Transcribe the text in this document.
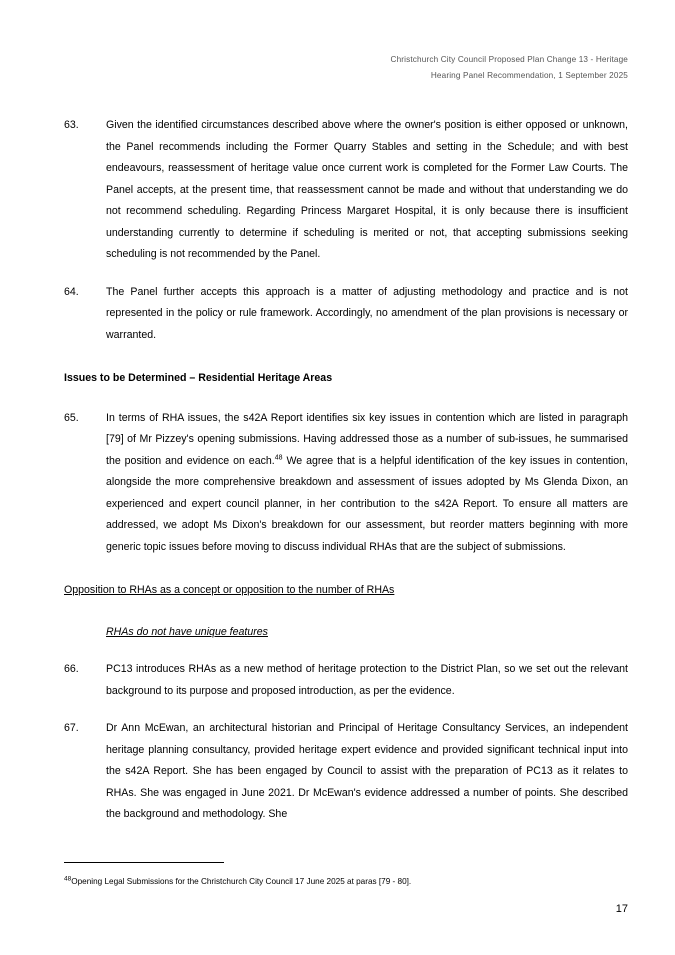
Christchurch City Council Proposed Plan Change 13 - Heritage
Hearing Panel Recommendation, 1 September 2025
63.	Given the identified circumstances described above where the owner's position is either opposed or unknown, the Panel recommends including the Former Quarry Stables and setting in the Schedule; and with best endeavours, reassessment of heritage value once current work is completed for the Former Law Courts. The Panel accepts, at the present time, that reassessment cannot be made and without that understanding we do not recommend scheduling. Regarding Princess Margaret Hospital, it is only because there is insufficient understanding currently to determine if scheduling is merited or not, that accepting submissions seeking scheduling is not recommended by the Panel.
64.	The Panel further accepts this approach is a matter of adjusting methodology and practice and is not represented in the policy or rule framework. Accordingly, no amendment of the plan provisions is necessary or warranted.
Issues to be Determined – Residential Heritage Areas
65.	In terms of RHA issues, the s42A Report identifies six key issues in contention which are listed in paragraph [79] of Mr Pizzey's opening submissions. Having addressed those as a number of sub-issues, he summarised the position and evidence on each.$^{48}$ We agree that is a helpful identification of the key issues in contention, alongside the more comprehensive breakdown and assessment of issues adopted by Ms Glenda Dixon, an experienced and expert council planner, in her contribution to the s42A Report. To ensure all matters are addressed, we adopt Ms Dixon's breakdown for our assessment, but reorder matters beginning with more generic topic issues before moving to discuss individual RHAs that are the subject of submissions.
Opposition to RHAs as a concept or opposition to the number of RHAs
RHAs do not have unique features
66.	PC13 introduces RHAs as a new method of heritage protection to the District Plan, so we set out the relevant background to its purpose and proposed introduction, as per the evidence.
67.	Dr Ann McEwan, an architectural historian and Principal of Heritage Consultancy Services, an independent heritage planning consultancy, provided heritage expert evidence and provided significant technical input into the s42A Report. She has been engaged by Council to assist with the preparation of PC13 as it relates to RHAs. She was engaged in June 2021. Dr McEwan's evidence addressed a number of points. She described the background and methodology. She
$^{48}$Opening Legal Submissions for the Christchurch City Council 17 June 2025 at paras [79 - 80].
17
